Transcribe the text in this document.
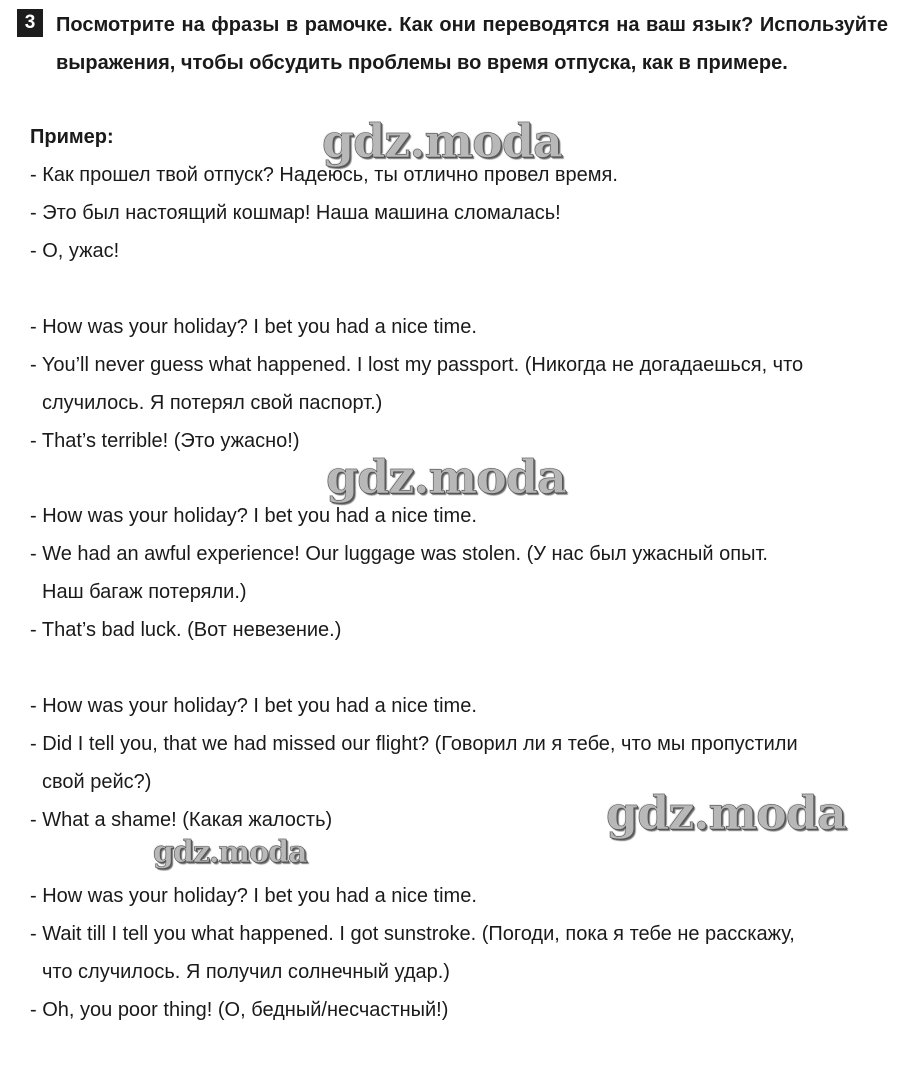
3	Посмотрите на фразы в рамочке. Как они переводятся на ваш язык? Используйте выражения, чтобы обсудить проблемы во время отпуска, как в примере.
Пример:
- Как прошел твой отпуск? Надеюсь, ты отлично провел время.
- Это был настоящий кошмар! Наша машина сломалась!
- О, ужас!
- How was your holiday? I bet you had a nice time.
- You’ll never guess what happened. I lost my passport. (Никогда не догадаешься, что
случилось. Я потерял свой паспорт.)
- That’s terrible! (Это ужасно!)
- How was your holiday? I bet you had a nice time.
- We had an awful experience! Our luggage was stolen. (У нас был ужасный опыт.
Наш багаж потеряли.)
- That’s bad luck. (Вот невезение.)
- How was your holiday? I bet you had a nice time.
- Did I tell you, that we had missed our flight? (Говорил ли я тебе, что мы пропустили
свой рейс?)
- What a shame! (Какая жалость)
- How was your holiday? I bet you had a nice time.
- Wait till I tell you what happened. I got sunstroke. (Погоди, пока я тебе не расскажу,
что случилось. Я получил солнечный удар.)
- Oh, you poor thing! (О, бедный/несчастный!)
gdz.moda
gdz.moda
gdz.moda
gdz.moda
